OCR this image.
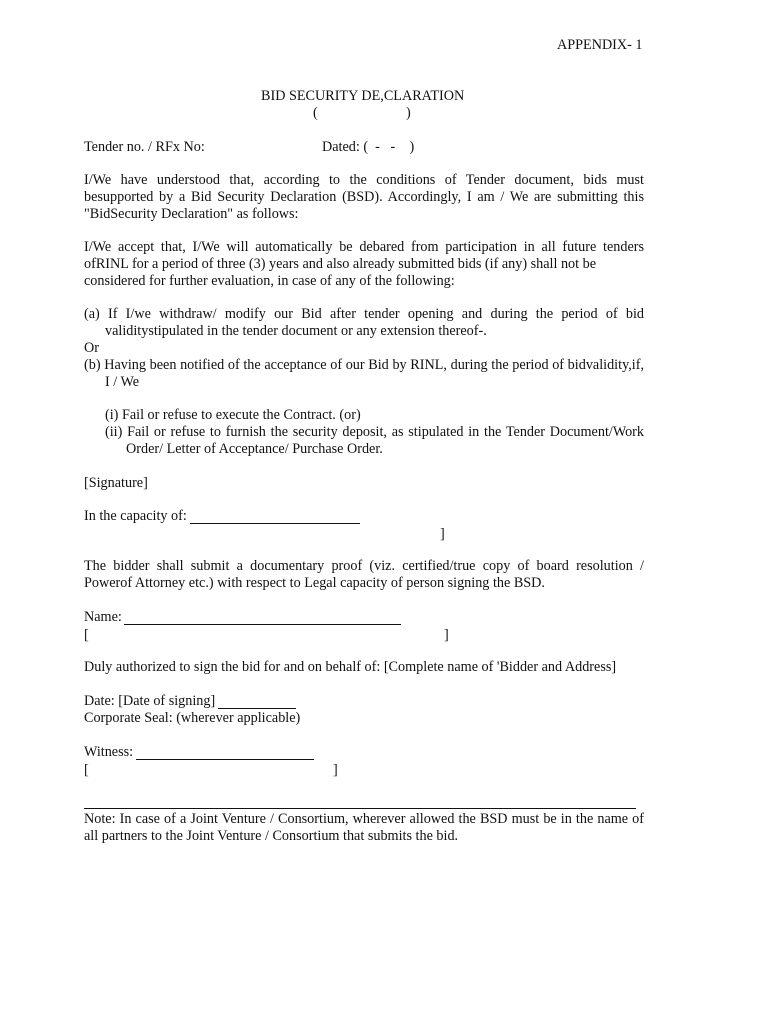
APPENDIX- 1
BID SECURITY DE,CLARATION
(	)
Tender no. / RFx No:	Dated: (  -   -    )
I/We have understood that, according to the conditions of Tender document, bids must
besupported by a Bid Security Declaration (BSD). Accordingly, I am / We are submitting this
"BidSecurity Declaration" as follows:
I/We accept that, I/We will automatically be debared from participation in all future tenders
ofRINL for a period of three (3) years and also already submitted bids (if any) shall not be
considered for further evaluation, in case of any of the following:
(a) If I/we withdraw/ modify our Bid after tender opening and during the period of bid
validitystipulated in the tender document or any extension thereof-.
Or
(b) Having been notified of the acceptance of our Bid by RINL, during the period of bidvalidity,if,
I / We
(i) Fail or refuse to execute the Contract. (or)
(ii) Fail or refuse to furnish the security deposit, as stipulated in the Tender Document/Work
Order/ Letter of Acceptance/ Purchase Order.
[Signature]
In the capacity of:
]
The bidder shall submit a documentary proof (viz. certified/true copy of board resolution /
Powerof Attorney etc.) with respect to Legal capacity of person signing the BSD.
Name:
[	]
Duly authorized to sign the bid for and on behalf of: [Complete name of 'Bidder and Address]
Date: [Date of signing]
Corporate Seal: (wherever applicable)
Witness:
[	]
Note: In case of a Joint Venture / Consortium, wherever allowed the BSD must be in the name of
all partners to the Joint Venture / Consortium that submits the bid.
